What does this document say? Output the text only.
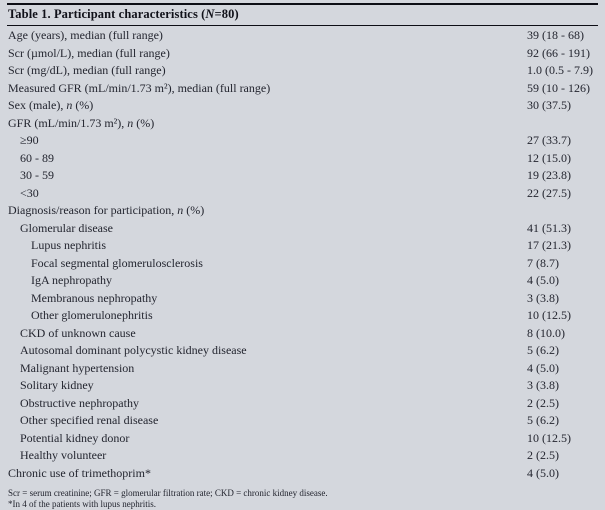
Table 1. Participant characteristics (N=80)
Age (years), median (full range)	39 (18 - 68)
Scr (µmol/L), median (full range)	92 (66 - 191)
Scr (mg/dL), median (full range)	1.0 (0.5 - 7.9)
Measured GFR (mL/min/1.73 m²), median (full range)	59 (10 - 126)
Sex (male), n (%)	30 (37.5)
GFR (mL/min/1.73 m²), n (%)
≥90	27 (33.7)
60 - 89	12 (15.0)
30 - 59	19 (23.8)
<30	22 (27.5)
Diagnosis/reason for participation, n (%)
Glomerular disease	41 (51.3)
Lupus nephritis	17 (21.3)
Focal segmental glomerulosclerosis	7 (8.7)
IgA nephropathy	4 (5.0)
Membranous nephropathy	3 (3.8)
Other glomerulonephritis	10 (12.5)
CKD of unknown cause	8 (10.0)
Autosomal dominant polycystic kidney disease	5 (6.2)
Malignant hypertension	4 (5.0)
Solitary kidney	3 (3.8)
Obstructive nephropathy	2 (2.5)
Other specified renal disease	5 (6.2)
Potential kidney donor	10 (12.5)
Healthy volunteer	2 (2.5)
Chronic use of trimethoprim*	4 (5.0)
Scr = serum creatinine; GFR = glomerular filtration rate; CKD = chronic kidney disease.
*In 4 of the patients with lupus nephritis.
